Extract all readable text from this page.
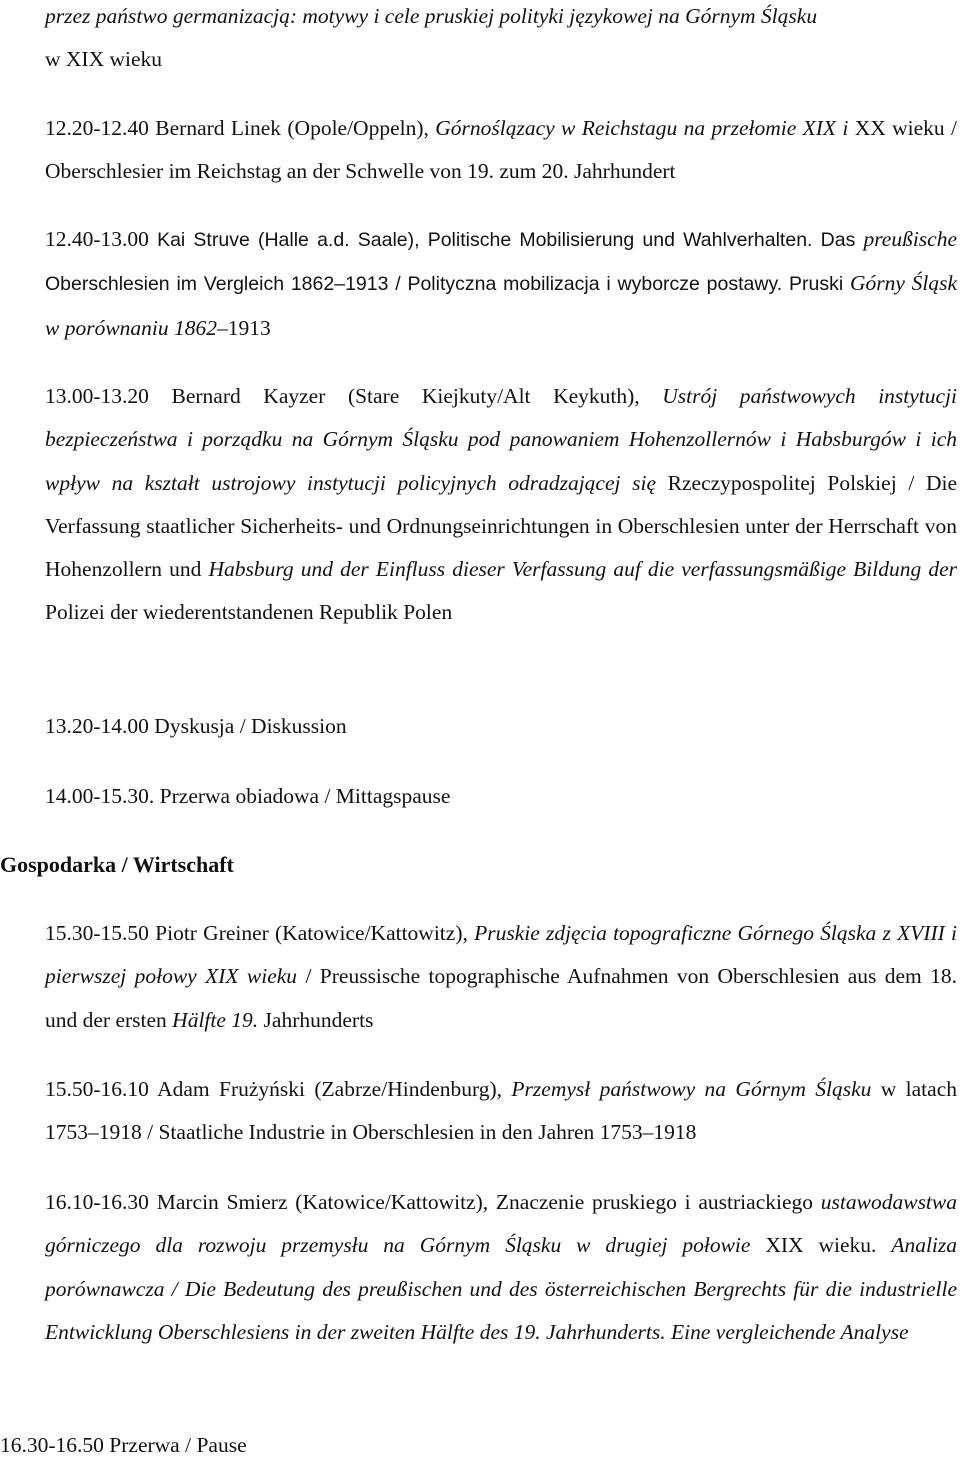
przez państwo germanizacją: motywy i cele pruskiej polityki językowej na Górnym Śląsku
w XIX wieku
12.20-12.40 Bernard Linek (Opole/Oppeln), Górnoślązacy w Reichstagu na przełomie XIX i XX wieku / Oberschlesier im Reichstag an der Schwelle von 19. zum 20. Jahrhundert
12.40-13.00 Kai Struve (Halle a.d. Saale), Politische Mobilisierung und Wahlverhalten. Das preußische Oberschlesien im Vergleich 1862–1913 / Polityczna mobilizacja i wyborcze postawy. Pruski Górny Śląsk w porównaniu 1862–1913
13.00-13.20 Bernard Kayzer (Stare Kiejkuty/Alt Keykuth), Ustrój państwowych instytucji bezpieczeństwa i porządku na Górnym Śląsku pod panowaniem Hohenzollernów i Habsburgów i ich wpływ na kształt ustrojowy instytucji policyjnych odradzającej się Rzeczypospolitej Polskiej / Die Verfassung staatlicher Sicherheits- und Ordnungseinrichtungen in Oberschlesien unter der Herrschaft von Hohenzollern und Habsburg und der Einfluss dieser Verfassung auf die verfassungsmäßige Bildung der Polizei der wiederentstandenen Republik Polen
13.20-14.00 Dyskusja / Diskussion
14.00-15.30. Przerwa obiadowa / Mittagspause
Gospodarka / Wirtschaft
15.30-15.50 Piotr Greiner (Katowice/Kattowitz), Pruskie zdjęcia topograficzne Górnego Śląska z XVIII i pierwszej połowy XIX wieku / Preussische topographische Aufnahmen von Oberschlesien aus dem 18. und der ersten Hälfte 19. Jahrhunderts
15.50-16.10 Adam Frużyński (Zabrze/Hindenburg), Przemysł państwowy na Górnym Śląsku w latach 1753–1918 / Staatliche Industrie in Oberschlesien in den Jahren 1753–1918
16.10-16.30 Marcin Smierz (Katowice/Kattowitz), Znaczenie pruskiego i austriackiego ustawodawstwa górniczego dla rozwoju przemysłu na Górnym Śląsku w drugiej połowie XIX wieku. Analiza porównawcza / Die Bedeutung des preußischen und des österreichischen Bergrechts für die industrielle Entwicklung Oberschlesiens in der zweiten Hälfte des 19. Jahrhunderts. Eine vergleichende Analyse
16.30-16.50 Przerwa / Pause
